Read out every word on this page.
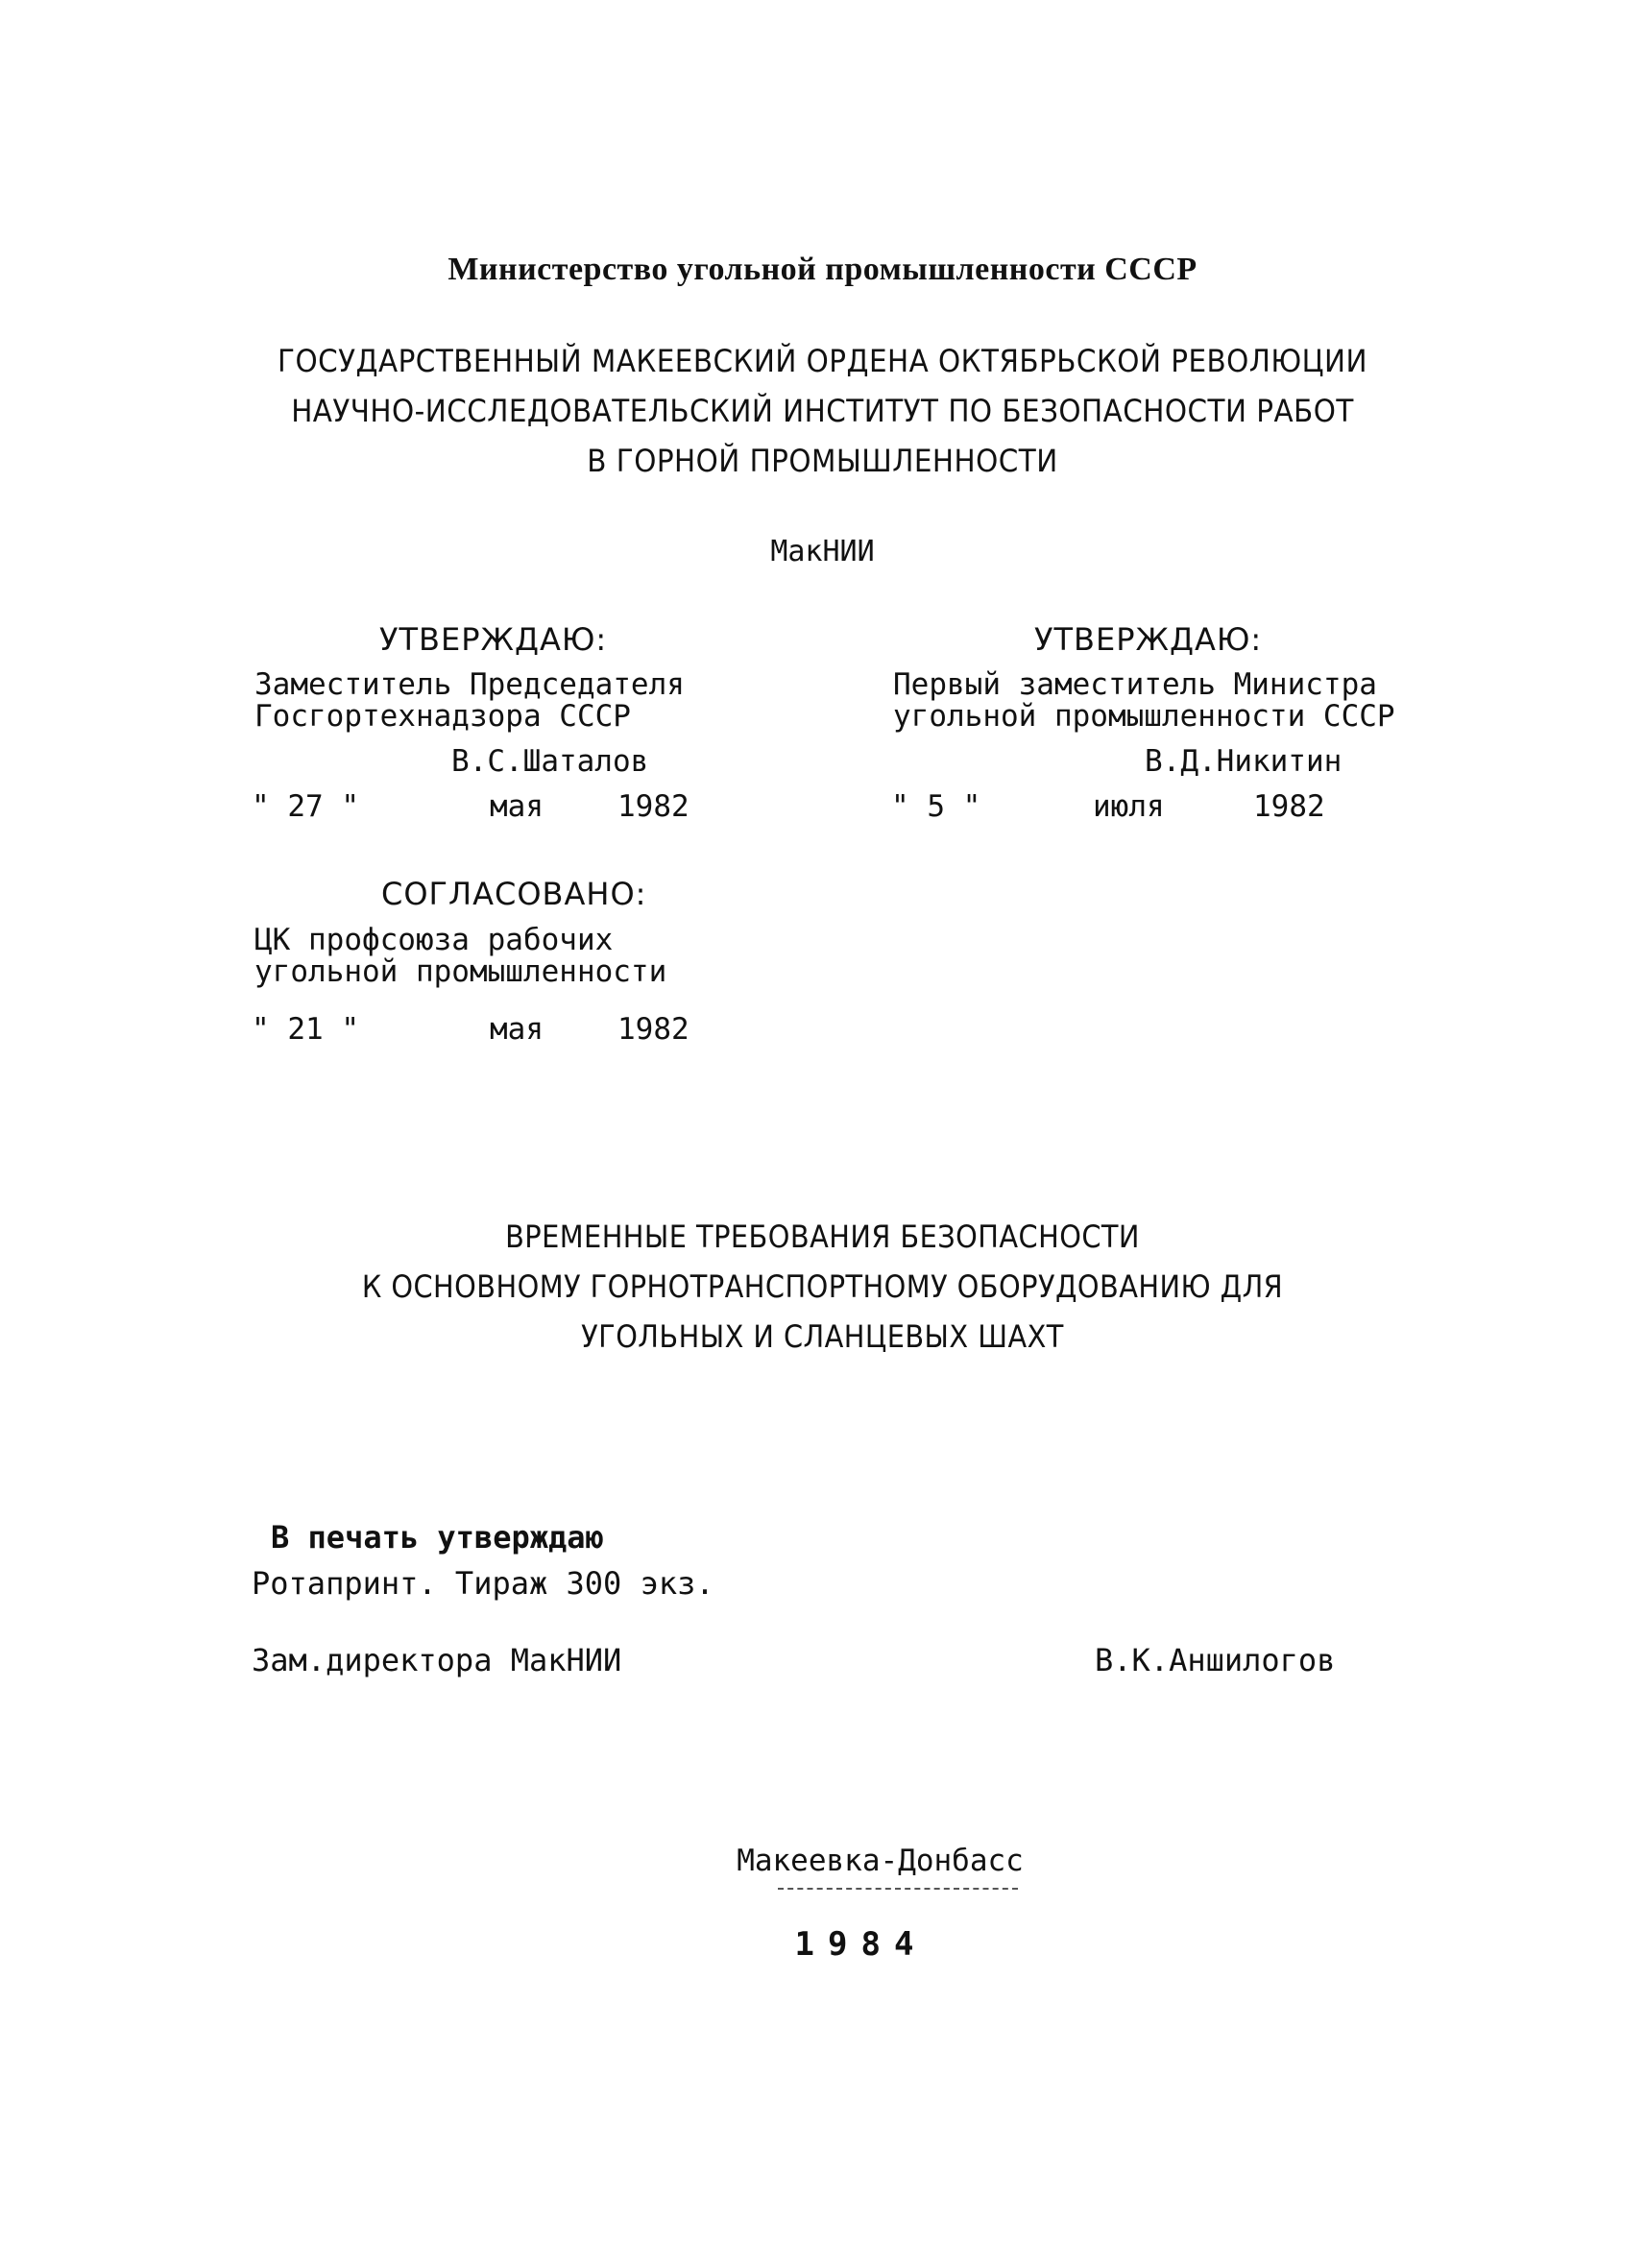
Министерство угольной промышленности СССР
ГОСУДАРСТВЕННЫЙ МАКЕЕВСКИЙ ОРДЕНА ОКТЯБРЬСКОЙ РЕВОЛЮЦИИ
НАУЧНО-ИССЛЕДОВАТЕЛЬСКИЙ ИНСТИТУТ ПО БЕЗОПАСНОСТИ РАБОТ
В ГОРНОЙ ПРОМЫШЛЕННОСТИ
МакНИИ
УТВЕРЖДАЮ:
Заместитель Председателя
Госгортехнадзора СССР
В.С.Шаталов
" 27 "	мая 1982
УТВЕРЖДАЮ:
Первый заместитель Министра
угольной промышленности СССР
В.Д.Никитин
" 5 "	июля	1982
СОГЛАСОВАНО:
ЦК профсоюза рабочих
угольной промышленности
" 21 "	мая 1982
ВРЕМЕННЫЕ ТРЕБОВАНИЯ БЕЗОПАСНОСТИ
К ОСНОВНОМУ ГОРНОТРАНСПОРТНОМУ ОБОРУДОВАНИЮ ДЛЯ
УГОЛЬНЫХ И СЛАНЦЕВЫХ ШАХТ
В печать утверждаю
Ротапринт. Тираж 300 экз.
Зам.директора МакНИИ	В.К.Аншилогов
Макеевка-Донбасс
1984
